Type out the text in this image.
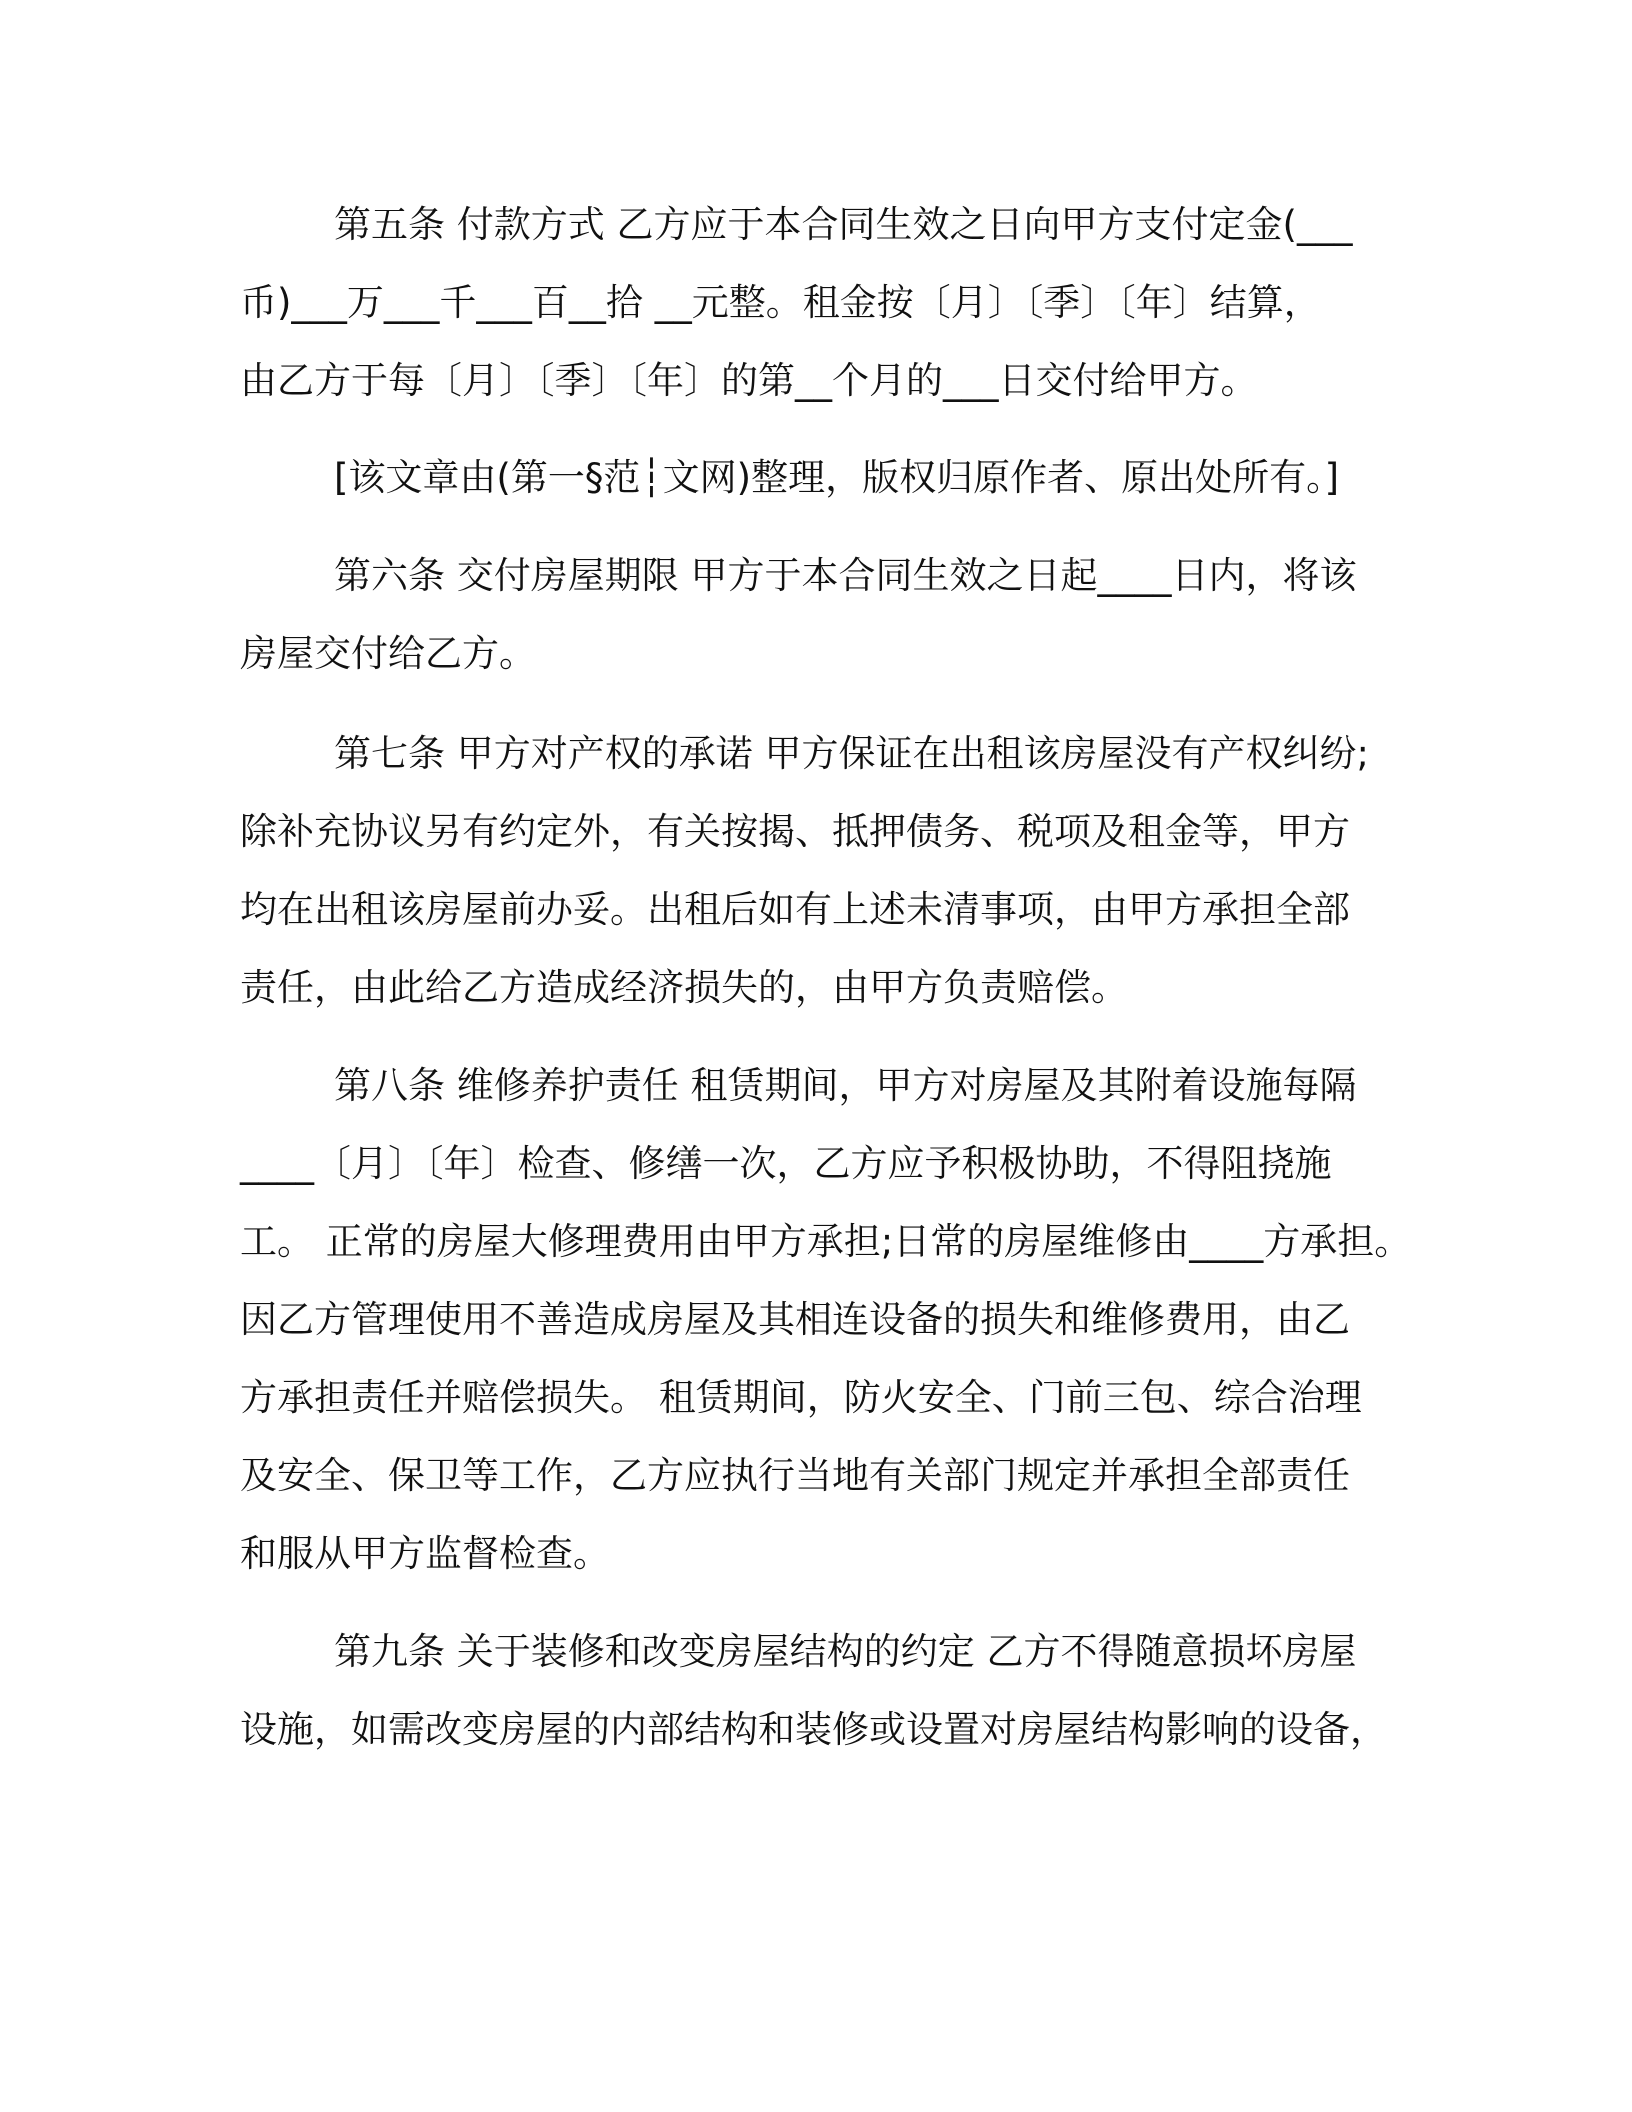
第五条 付款方式 乙方应于本合同生效之日向甲方支付定金(___
币)___万___千___百__拾 __元整。租金按〔月〕〔季〕〔年〕结算，
由乙方于每〔月〕〔季〕〔年〕的第__个月的___日交付给甲方。
[该文章由(第一§范┆文网)整理，版权归原作者、原出处所有。]
第六条 交付房屋期限 甲方于本合同生效之日起____日内，将该
房屋交付给乙方。
第七条 甲方对产权的承诺 甲方保证在出租该房屋没有产权纠纷;
除补充协议另有约定外，有关按揭、抵押债务、税项及租金等，甲方
均在出租该房屋前办妥。出租后如有上述未清事项，由甲方承担全部
责任，由此给乙方造成经济损失的，由甲方负责赔偿。
第八条 维修养护责任 租赁期间，甲方对房屋及其附着设施每隔
____〔月〕〔年〕检查、修缮一次，乙方应予积极协助，不得阻挠施
工。 正常的房屋大修理费用由甲方承担;日常的房屋维修由____方承担。
因乙方管理使用不善造成房屋及其相连设备的损失和维修费用，由乙
方承担责任并赔偿损失。 租赁期间，防火安全、门前三包、综合治理
及安全、保卫等工作，乙方应执行当地有关部门规定并承担全部责任
和服从甲方监督检查。
第九条 关于装修和改变房屋结构的约定 乙方不得随意损坏房屋
设施，如需改变房屋的内部结构和装修或设置对房屋结构影响的设备，
